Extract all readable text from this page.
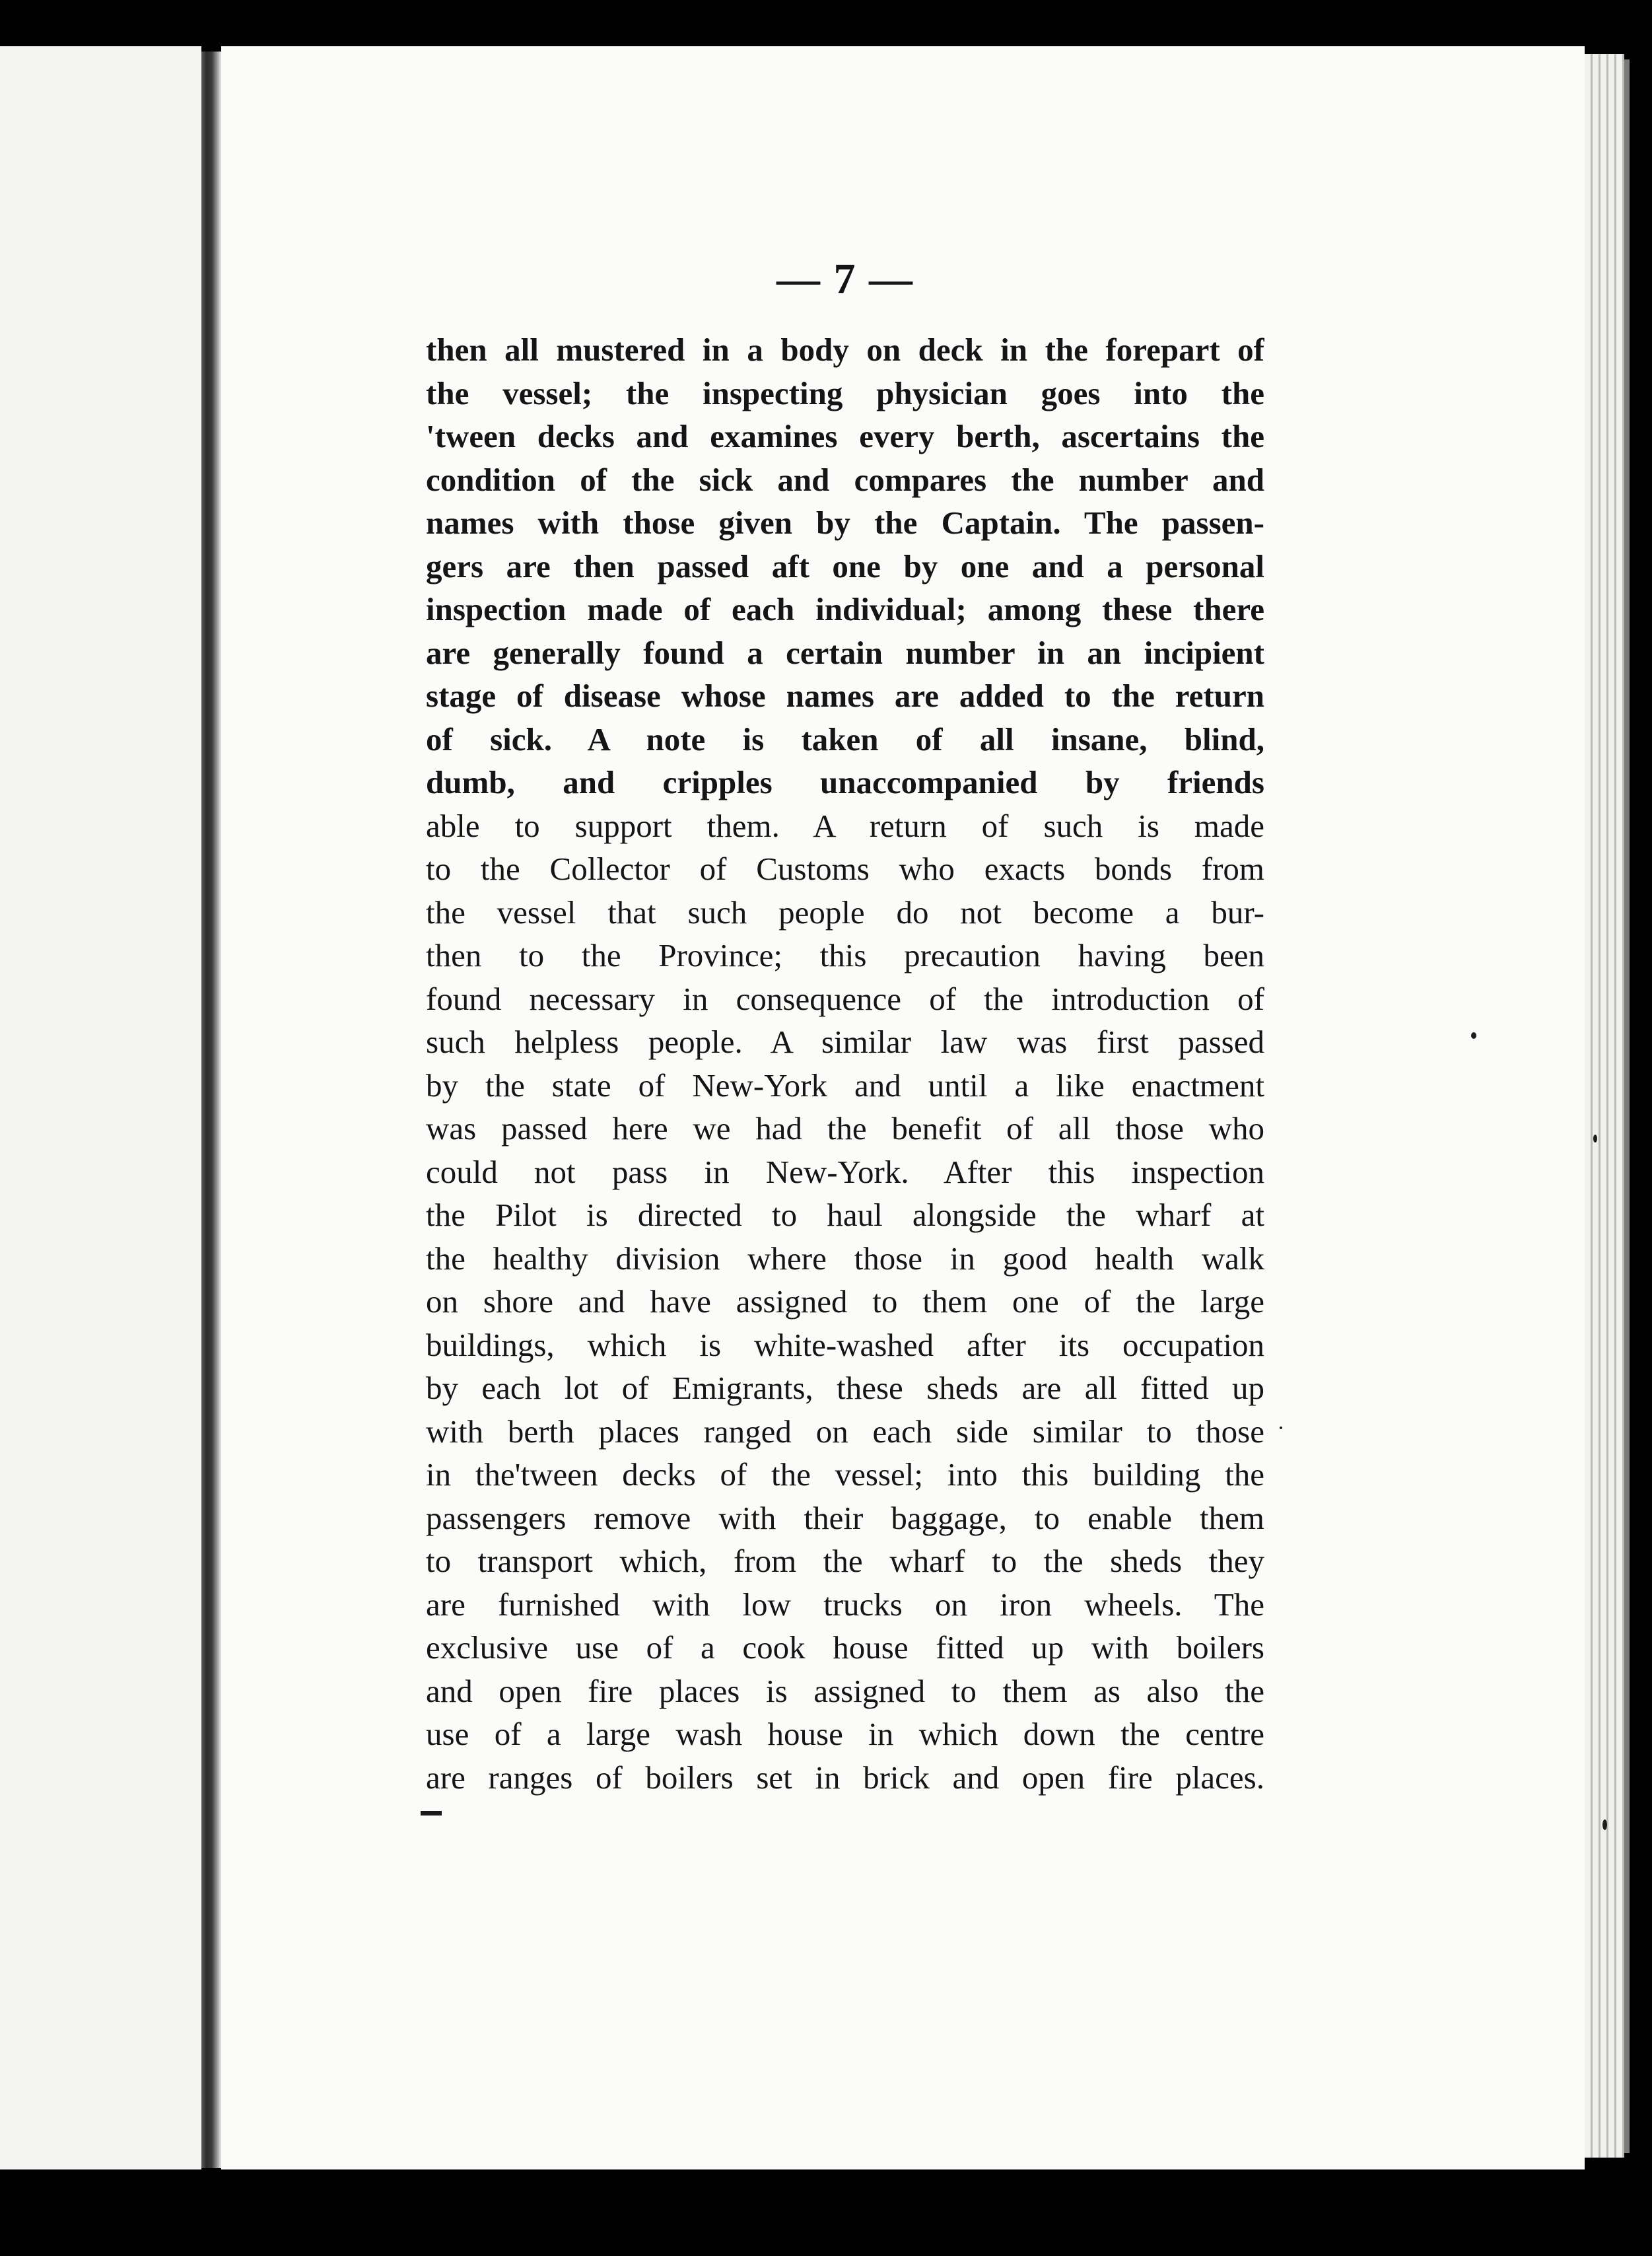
— 7 —
then all mustered in a body on deck in the forepart of
the vessel; the inspecting physician goes into the
'tween decks and examines every berth, ascertains the
condition of the sick and compares the number and
names with those given by the Captain. The passen-
gers are then passed aft one by one and a personal
inspection made of each individual; among these there
are generally found a certain number in an incipient
stage of disease whose names are added to the return
of sick. A note is taken of all insane, blind,
dumb, and cripples unaccompanied by friends
able to support them. A return of such is made
to the Collector of Customs who exacts bonds from
the vessel that such people do not become a bur-
then to the Province; this precaution having been
found necessary in consequence of the introduction of
such helpless people. A similar law was first passed
by the state of New-York and until a like enactment
was passed here we had the benefit of all those who
could not pass in New-York. After this inspection
the Pilot is directed to haul alongside the wharf at
the healthy division where those in good health walk
on shore and have assigned to them one of the large
buildings, which is white-washed after its occupation
by each lot of Emigrants, these sheds are all fitted up
with berth places ranged on each side similar to those
in the'tween decks of the vessel; into this building the
passengers remove with their baggage, to enable them
to transport which, from the wharf to the sheds they
are furnished with low trucks on iron wheels. The
exclusive use of a cook house fitted up with boilers
and open fire places is assigned to them as also the
use of a large wash house in which down the centre
are ranges of boilers set in brick and open fire places.
